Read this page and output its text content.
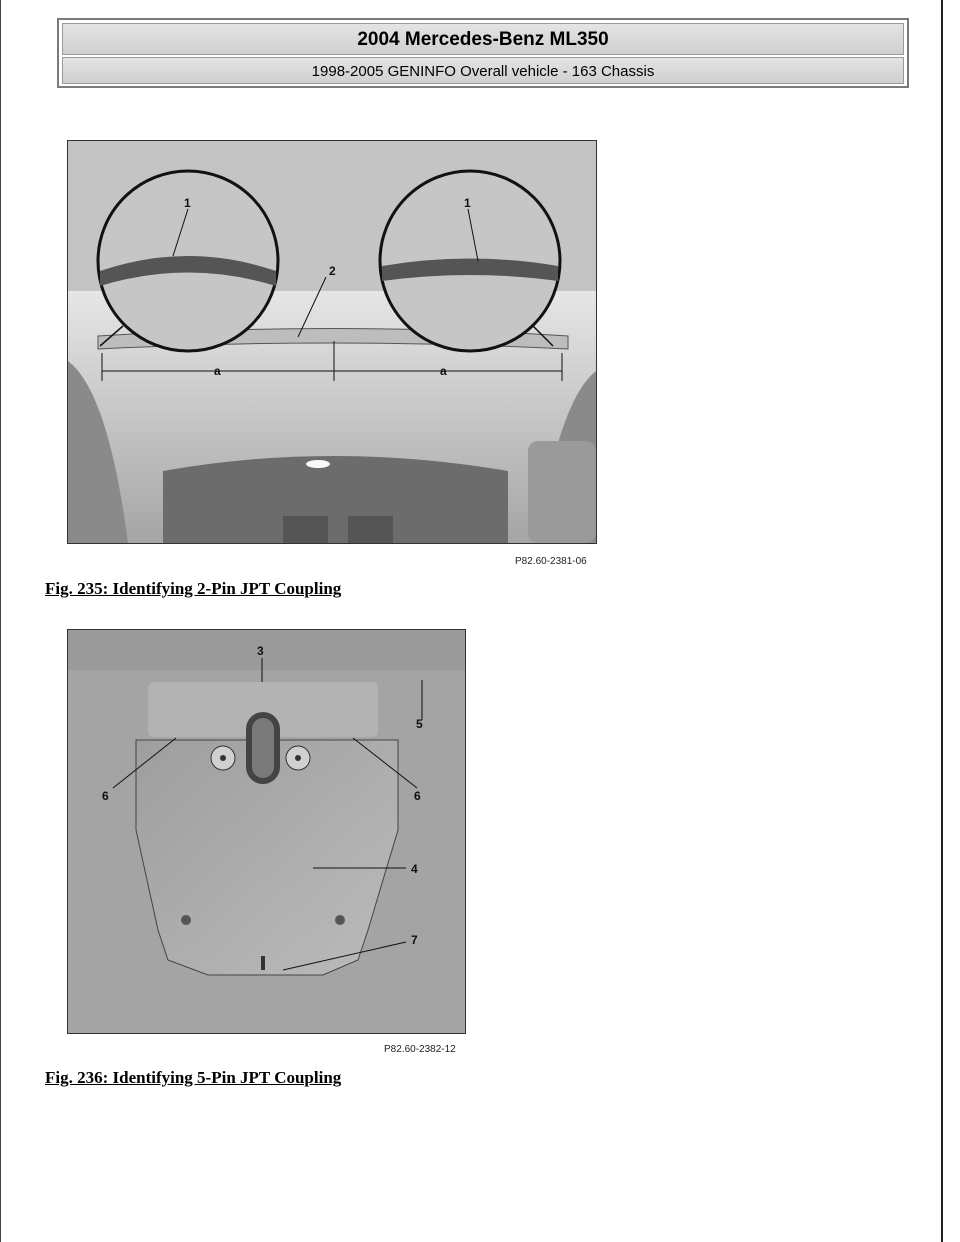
2004 Mercedes-Benz ML350
1998-2005 GENINFO Overall vehicle - 163 Chassis
1	1
2
a	a
P82.60-2381-06
Fig. 235: Identifying 2-Pin JPT Coupling
3
5
6	6
4
7
P82.60-2382-12
Fig. 236: Identifying 5-Pin JPT Coupling
